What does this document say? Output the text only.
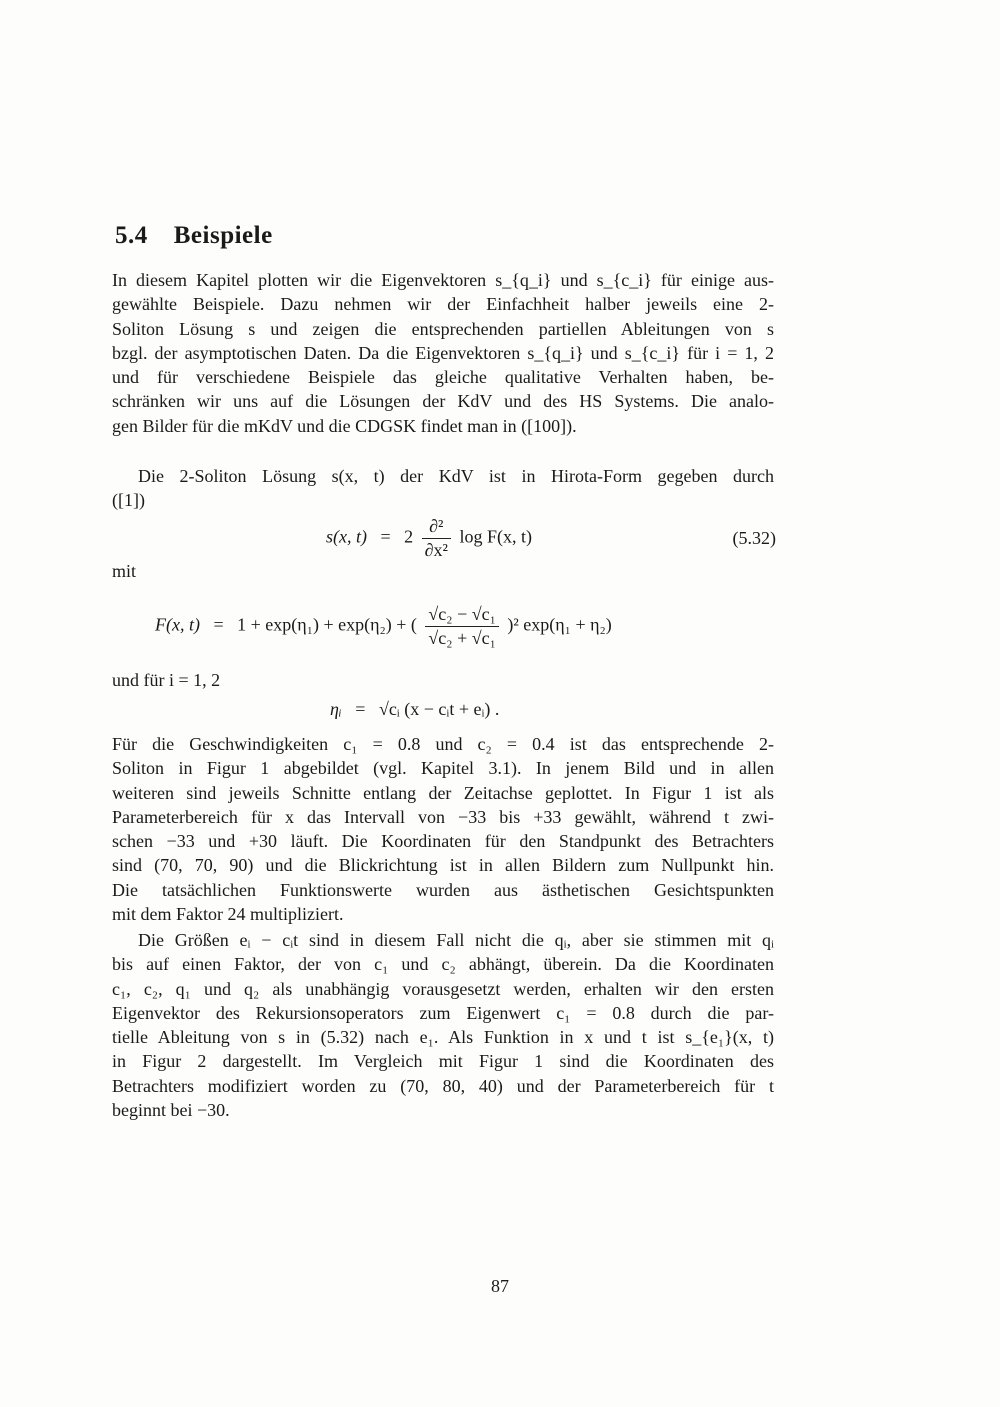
5.4 Beispiele
In diesem Kapitel plotten wir die Eigenvektoren s_{q_i} und s_{c_i} für einige aus-
gewählte Beispiele. Dazu nehmen wir der Einfachheit halber jeweils eine 2-
Soliton Lösung s und zeigen die entsprechenden partiellen Ableitungen von s
bzgl. der asymptotischen Daten. Da die Eigenvektoren s_{q_i} und s_{c_i} für i = 1, 2
und für verschiedene Beispiele das gleiche qualitative Verhalten haben, be-
schränken wir uns auf die Lösungen der KdV und des HS Systems. Die analo-
gen Bilder für die mKdV und die CDGSK findet man in ([100]).
Die 2-Soliton Lösung s(x, t) der KdV ist in Hirota-Form gegeben durch
([1])
s(x, $t) = 2 \frac{\text{∂²}}{\text{∂x²}}$ log F(x, t)	(5.32)
mit
F(x, t) = 1 + exp(η₁) + exp(η₂) + ( $\frac{\text{√c₂ − √c₁}}{\text{√c₂ + √c₁}} )^2$ exp(η₁ + η₂)
und für i = 1, 2
ηᵢ = √cᵢ (x − cᵢt + eᵢ) .
Für die Geschwindigkeiten c₁ = 0.8 und c₂ = 0.4 ist das entsprechende 2-
Soliton in Figur 1 abgebildet (vgl. Kapitel 3.1). In jenem Bild und in allen
weiteren sind jeweils Schnitte entlang der Zeitachse geplottet. In Figur 1 ist als
Parameterbereich für x das Intervall von −33 bis +33 gewählt, während t zwi-
schen −33 und +30 läuft. Die Koordinaten für den Standpunkt des Betrachters
sind (70, 70, 90) und die Blickrichtung ist in allen Bildern zum Nullpunkt hin.
Die tatsächlichen Funktionswerte wurden aus ästhetischen Gesichtspunkten
mit dem Faktor 24 multipliziert.
Die Größen eᵢ − cᵢt sind in diesem Fall nicht die qᵢ, aber sie stimmen mit qᵢ
bis auf einen Faktor, der von c₁ und c₂ abhängt, überein. Da die Koordinaten
c₁, c₂, q₁ und q₂ als unabhängig vorausgesetzt werden, erhalten wir den ersten
Eigenvektor des Rekursionsoperators zum Eigenwert c₁ = 0.8 durch die par-
tielle Ableitung von s in (5.32) nach e₁. Als Funktion in x und t ist s_{e₁}(x, t)
in Figur 2 dargestellt. Im Vergleich mit Figur 1 sind die Koordinaten des
Betrachters modifiziert worden zu (70, 80, 40) und der Parameterbereich für t
beginnt bei −30.
87
